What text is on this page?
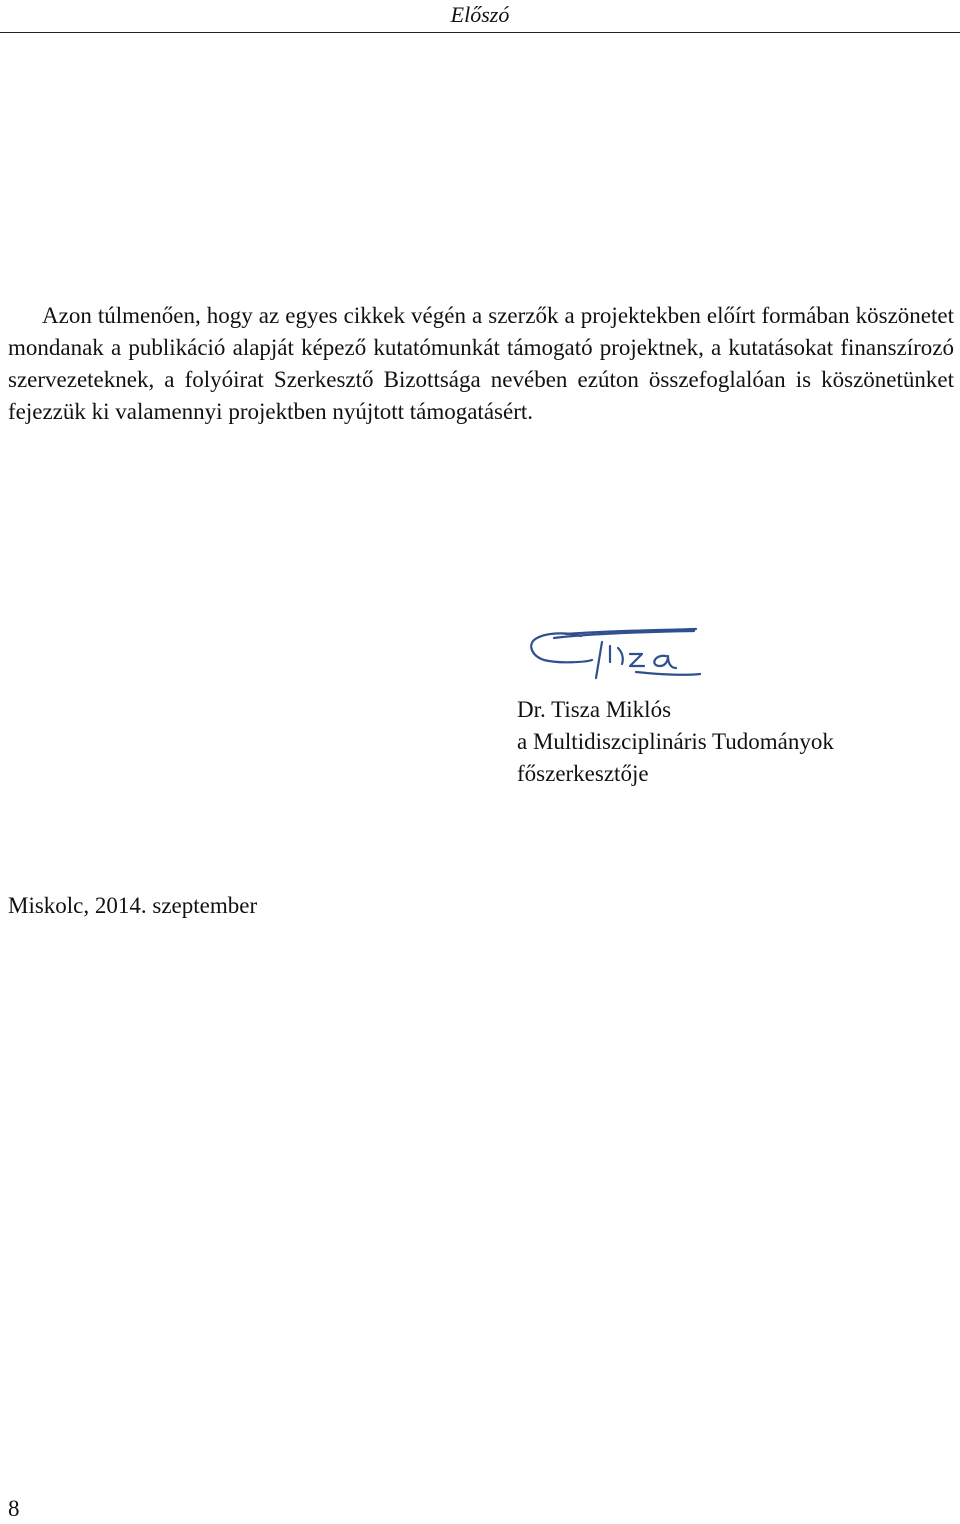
Előszó

Azon túlmenően, hogy az egyes cikkek végén a szerzők a projektekben előírt formában köszönetet mondanak a publikáció alapját képező kutatómunkát támogató projektnek, a kutatásokat finanszírozó szervezeteknek, a folyóirat Szerkesztő Bizottsága nevében ezúton összefoglalóan is köszönetünket fejezzük ki valamennyi projektben nyújtott támogatásért.

Dr. Tisza Miklós
a Multidiszciplináris Tudományok
főszerkesztője
Miskolc, 2014. szeptember
8
